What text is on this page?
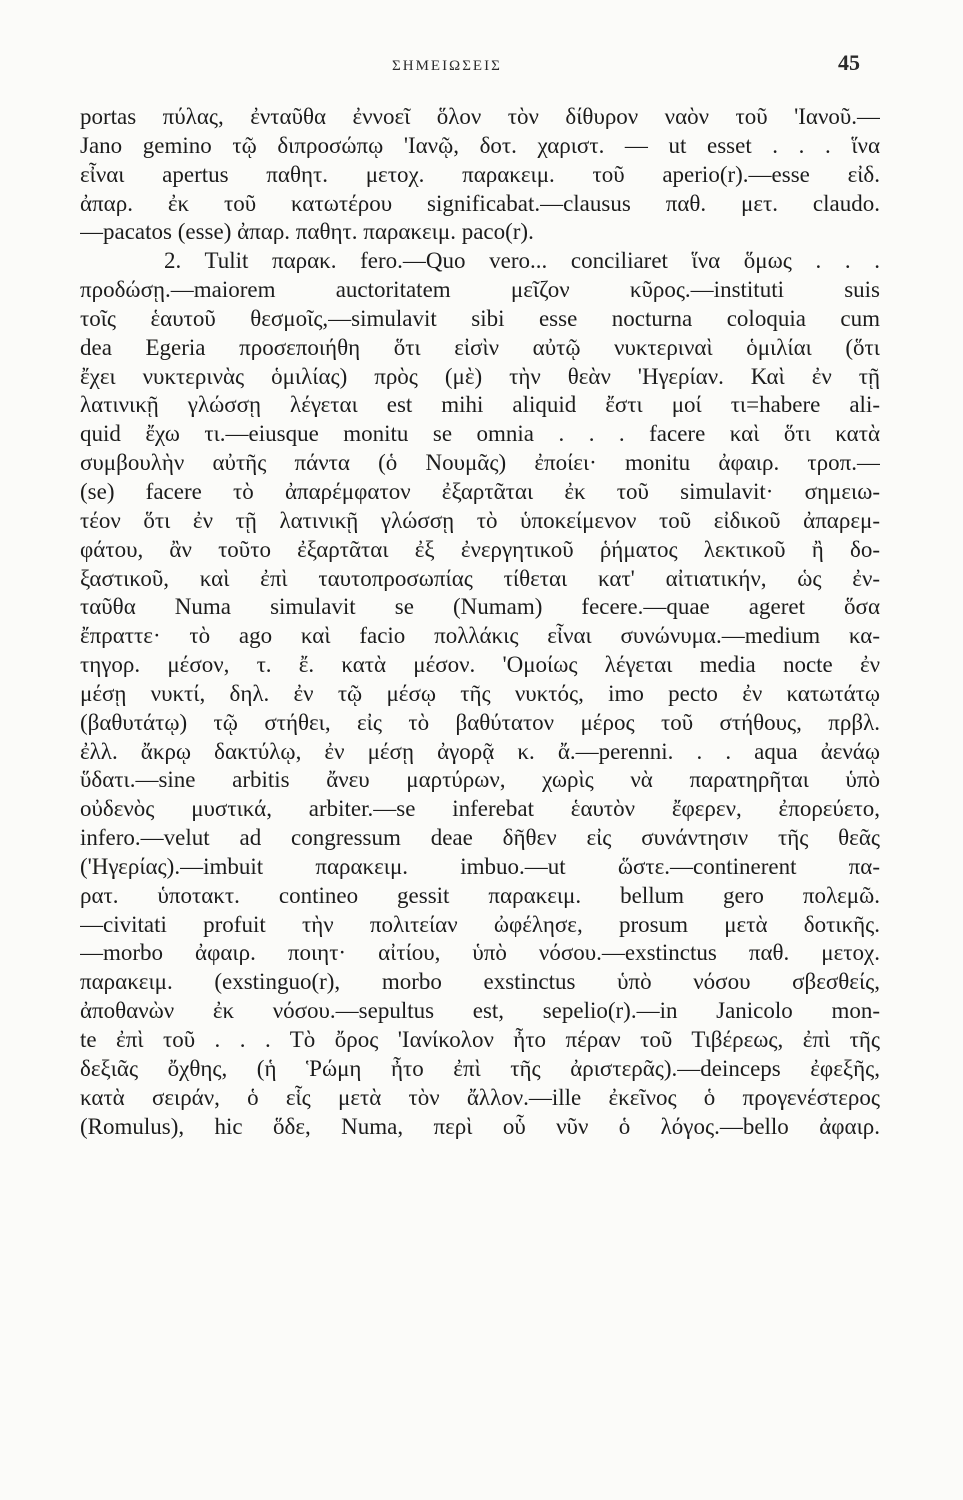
ΣΗΜΕΙΩΣΕΙΣ	45
portas πύλας, ἐνταῦθα ἐννοεῖ ὅλον τὸν δίθυρον ναὸν τοῦ 'Ιανοῦ.—
Jano gemino τῷ διπροσώπῳ 'Ιανῷ, δοτ. χαριστ. — ut esset . . . ἵνα
εἶναι apertus παθητ. μετοχ. παρακειμ. τοῦ aperio(r).—esse εἰδ.
ἀπαρ. ἐκ τοῦ κατωτέρου significabat.—clausus παθ. μετ. claudo.
—pacatos (esse) ἀπαρ. παθητ. παρακειμ. paco(r).
2. Tulit παρακ. fero.—Quo vero... conciliaret ἵνα ὅμως . . .
προδώσῃ.—maiorem auctoritatem μεῖζον κῦρος.—instituti suis
τοῖς ἑαυτοῦ θεσμοῖς,—simulavit sibi esse nocturna coloquia cum
dea Egeria προσεποιήθη ὅτι εἰσὶν αὐτῷ νυκτεριναὶ ὁμιλίαι (ὅτι
ἔχει νυκτερινὰς ὁμιλίας) πρὸς (μὲ) τὴν θεὰν 'Ηγερίαν. Καὶ ἐν τῇ
λατινικῇ γλώσσῃ λέγεται est mihi aliquid ἔστι μοί τι=habere ali-
quid ἔχω τι.—eiusque monitu se omnia . . . facere καὶ ὅτι κατὰ
συμβουλὴν αὐτῆς πάντα (ὁ Νουμᾶς) ἐποίει· monitu ἀφαιρ. τροπ.—
(se) facere τὸ ἀπαρέμφατον ἐξαρτᾶται ἐκ τοῦ simulavit· σημειω-
τέον ὅτι ἐν τῇ λατινικῇ γλώσσῃ τὸ ὑποκείμενον τοῦ εἰδικοῦ ἀπαρεμ-
φάτου, ἂν τοῦτο ἐξαρτᾶται ἐξ ἐνεργητικοῦ ῥήματος λεκτικοῦ ἢ δο-
ξαστικοῦ, καὶ ἐπὶ ταυτοπροσωπίας τίθεται κατ' αἰτιατικήν, ὡς ἐν-
ταῦθα Numa simulavit se (Numam) fecere.—quae ageret ὅσα
ἔπραττε· τὸ ago καὶ facio πολλάκις εἶναι συνώνυμα.—medium κα-
τηγορ. μέσον, τ. ἔ. κατὰ μέσον. 'Ομοίως λέγεται media nocte ἐν
μέσῃ νυκτί, δηλ. ἐν τῷ μέσῳ τῆς νυκτός, imo pecto ἐν κατωτάτῳ
(βαθυτάτῳ) τῷ στήθει, εἰς τὸ βαθύτατον μέρος τοῦ στήθους, πρβλ.
ἐλλ. ἄκρῳ δακτύλῳ, ἐν μέσῃ ἀγορᾷ κ. ἄ.—perenni. . . aqua ἀενάῳ
ὕδατι.—sine arbitis ἄνευ μαρτύρων, χωρὶς νὰ παρατηρῆται ὑπὸ
οὐδενὸς μυστικά, arbiter.—se inferebat ἑαυτὸν ἔφερεν, ἐπορεύετο,
infero.—velut ad congressum deae δῆθεν εἰς συνάντησιν τῆς θεᾶς
('Ηγερίας).—imbuit παρακειμ. imbuo.—ut ὥστε.—continerent πα-
ρατ. ὑποτακτ. contineo gessit παρακειμ. bellum gero πολεμῶ.
—civitati profuit τὴν πολιτείαν ὠφέλησε, prosum μετὰ δοτικῆς.
—morbo ἀφαιρ. ποιητ· αἰτίου, ὑπὸ νόσου.—exstinctus παθ. μετοχ.
παρακειμ. (exstinguo(r), morbo exstinctus ὑπὸ νόσου σβεσθείς,
ἀποθανὼν ἐκ νόσου.—sepultus est, sepelio(r).—in Janicolo mon-
te ἐπὶ τοῦ . . . Τὸ ὄρος 'Ιανίκολον ἦτο πέραν τοῦ Τιβέρεως, ἐπὶ τῆς
δεξιᾶς ὄχθης, (ἡ Ῥώμη ἦτο ἐπὶ τῆς ἀριστερᾶς).—deinceps ἐφεξῆς,
κατὰ σειράν, ὁ εἷς μετὰ τὸν ἄλλον.—ille ἐκεῖνος ὁ προγενέστερος
(Romulus), hic ὅδε, Numa, περὶ οὗ νῦν ὁ λόγος.—bello ἀφαιρ.
